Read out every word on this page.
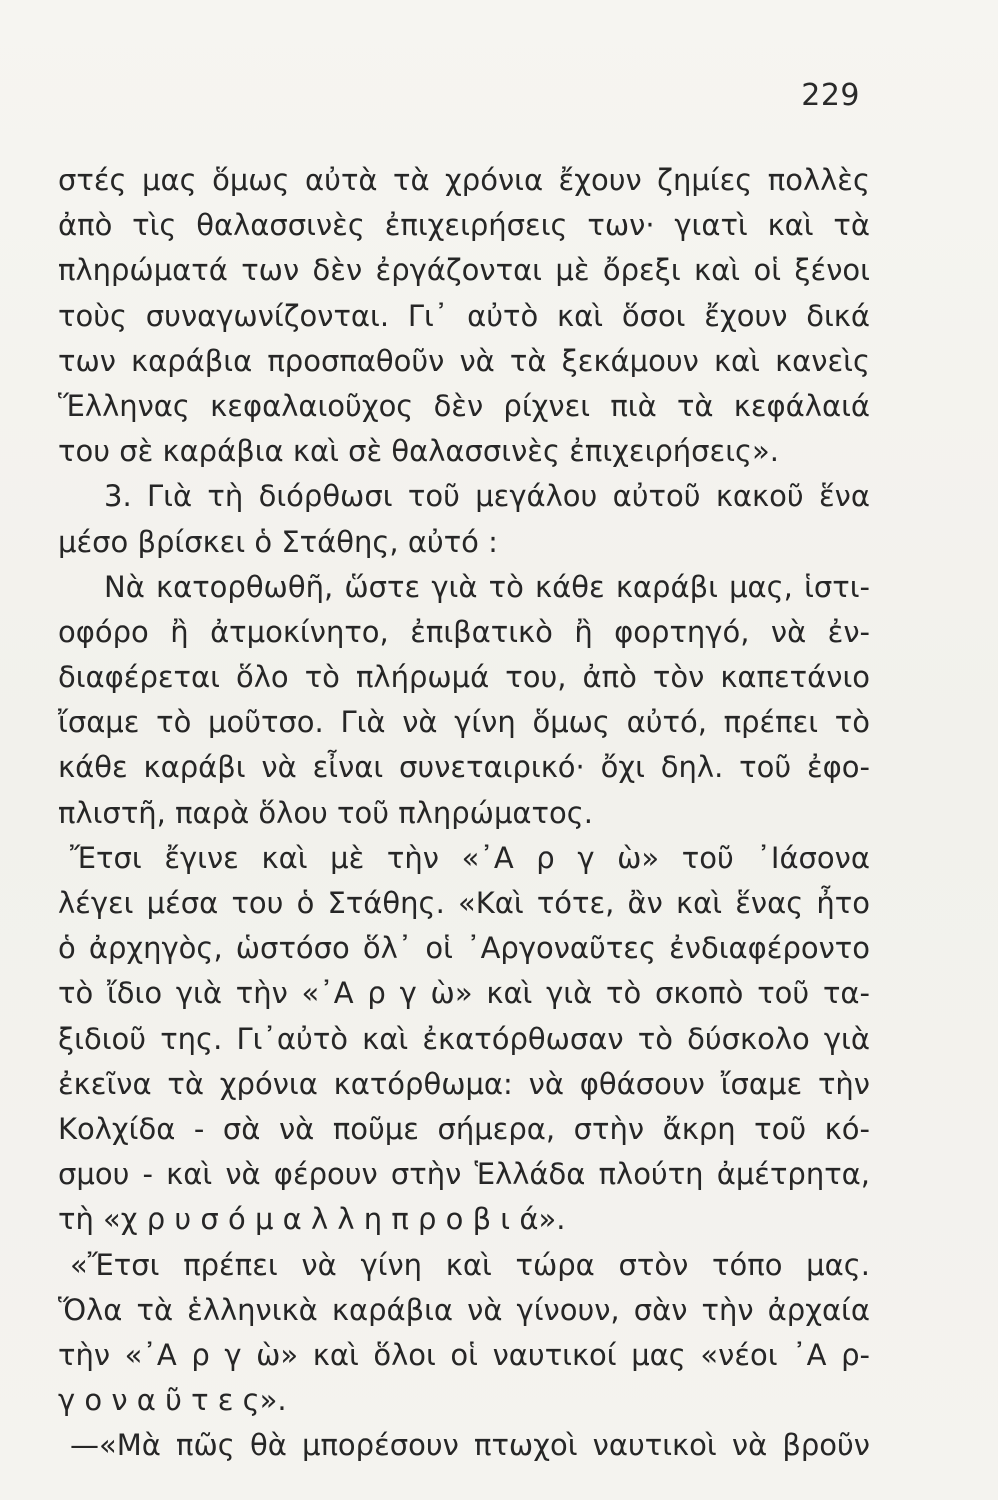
229
στές μας ὅμως αὐτὰ τὰ χρόνια ἔχουν ζημίες πολλὲς
ἀπὸ τὶς θαλασσινὲς ἐπιχειρήσεις των· γιατὶ καὶ τὰ
πληρώματά των δὲν ἐργάζονται μὲ ὄρεξι καὶ οἱ ξένοι
τοὺς συναγωνίζονται. Γι᾽ αὐτὸ καὶ ὅσοι ἔχουν δικά
των καράβια προσπαθοῦν νὰ τὰ ξεκάμουν καὶ κανεὶς
Ἕλληνας κεφαλαιοῦχος δὲν ρίχνει πιὰ τὰ κεφάλαιά
του σὲ καράβια καὶ σὲ θαλασσινὲς ἐπιχειρήσεις».
3. Γιὰ τὴ διόρθωσι τοῦ μεγάλου αὐτοῦ κακοῦ ἕνα
μέσο βρίσκει ὁ Στάθης, αὐτό :
Νὰ κατορθωθῆ, ὥστε γιὰ τὸ κάθε καράβι μας, ἱστι-
οφόρο ἢ ἀτμοκίνητο, ἐπιβατικὸ ἢ φορτηγό, νὰ ἐν-
διαφέρεται ὅλο τὸ πλήρωμά του, ἀπὸ τὸν καπετάνιο
ἴσαμε τὸ μοῦτσο. Γιὰ νὰ γίνη ὅμως αὐτό, πρέπει τὸ
κάθε καράβι νὰ εἶναι συνεταιρικό· ὄχι δηλ. τοῦ ἐφο-
πλιστῆ, παρὰ ὅλου τοῦ πληρώματος.
Ἔτσι ἔγινε καὶ μὲ τὴν «᾿Α ρ γ ὼ» τοῦ ᾿Ιάσονα
λέγει μέσα του ὁ Στάθης. «Καὶ τότε, ἂν καὶ ἕνας ἦτο
ὁ ἀρχηγὸς, ὡστόσο ὅλ᾽ οἱ ᾿Αργοναῦτες ἐνδιαφέροντο
τὸ ἴδιο γιὰ τὴν «᾿Α ρ γ ὼ» καὶ γιὰ τὸ σκοπὸ τοῦ τα-
ξιδιοῦ της. Γι᾽αὐτὸ καὶ ἐκατόρθωσαν τὸ δύσκολο γιὰ
ἐκεῖνα τὰ χρόνια κατόρθωμα: νὰ φθάσουν ἴσαμε τὴν
Κολχίδα - σὰ νὰ ποῦμε σήμερα, στὴν ἄκρη τοῦ κό-
σμου - καὶ νὰ φέρουν στὴν Ἑλλάδα πλούτη ἀμέτρητα,
τὴ «χ ρ υ σ ό μ α λ λ η π ρ ο β ι ά».
«Ἔτσι πρέπει νὰ γίνη καὶ τώρα στὸν τόπο μας.
Ὅλα τὰ ἑλληνικὰ καράβια νὰ γίνουν, σὰν τὴν ἀρχαία
τὴν «᾿Α ρ γ ὼ» καὶ ὅλοι οἱ ναυτικοί μας «νέοι ᾿Α ρ-
γ ο ν α ῦ τ ε ς».
—«Μὰ πῶς θὰ μπορέσουν πτωχοὶ ναυτικοὶ νὰ βροῦν
